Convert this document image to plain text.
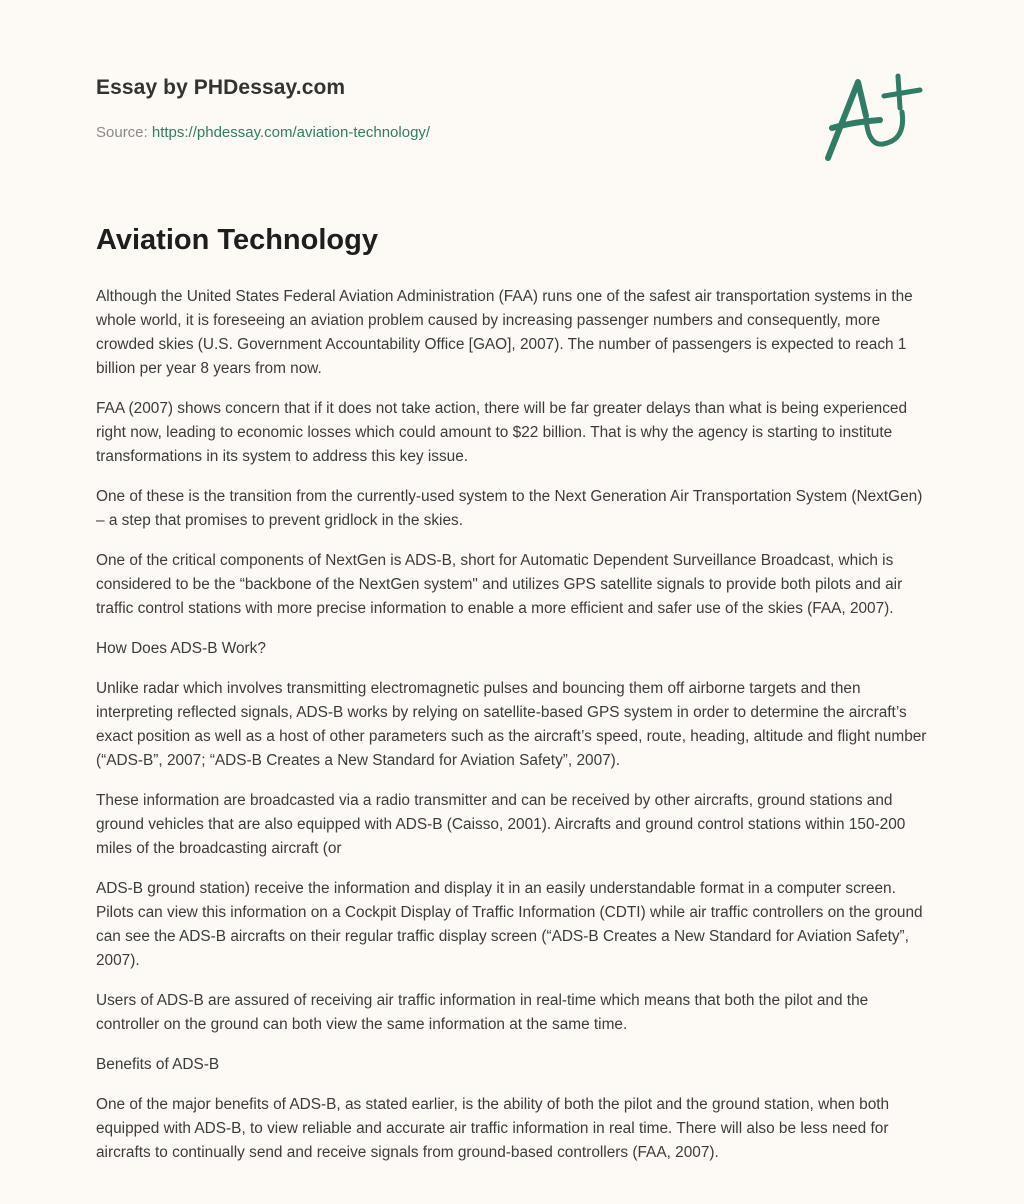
Essay by PHDessay.com
Source: https://phdessay.com/aviation-technology/
Aviation Technology

Although the United States Federal Aviation Administration (FAA) runs one of the safest air transportation systems in the whole world, it is foreseeing an aviation problem caused by increasing passenger numbers and consequently, more crowded skies (U.S. Government Accountability Office [GAO], 2007). The number of passengers is expected to reach 1 billion per year 8 years from now.

FAA (2007) shows concern that if it does not take action, there will be far greater delays than what is being experienced right now, leading to economic losses which could amount to $22 billion. That is why the agency is starting to institute transformations in its system to address this key issue.

One of these is the transition from the currently-used system to the Next Generation Air Transportation System (NextGen) – a step that promises to prevent gridlock in the skies.

One of the critical components of NextGen is ADS-B, short for Automatic Dependent Surveillance Broadcast, which is considered to be the “backbone of the NextGen system" and utilizes GPS satellite signals to provide both pilots and air traffic control stations with more precise information to enable a more efficient and safer use of the skies (FAA, 2007).

How Does ADS-B Work?

Unlike radar which involves transmitting electromagnetic pulses and bouncing them off airborne targets and then interpreting reflected signals, ADS-B works by relying on satellite-based GPS system in order to determine the aircraft’s exact position as well as a host of other parameters such as the aircraft’s speed, route, heading, altitude and flight number (“ADS-B”, 2007; “ADS-B Creates a New Standard for Aviation Safety”, 2007).

These information are broadcasted via a radio transmitter and can be received by other aircrafts, ground stations and ground vehicles that are also equipped with ADS-B (Caisso, 2001). Aircrafts and ground control stations within 150-200 miles of the broadcasting aircraft (or

ADS-B ground station) receive the information and display it in an easily understandable format in a computer screen. Pilots can view this information on a Cockpit Display of Traffic Information (CDTI) while air traffic controllers on the ground can see the ADS-B aircrafts on their regular traffic display screen (“ADS-B Creates a New Standard for Aviation Safety”, 2007).

Users of ADS-B are assured of receiving air traffic information in real-time which means that both the pilot and the controller on the ground can both view the same information at the same time.

Benefits of ADS-B

One of the major benefits of ADS-B, as stated earlier, is the ability of both the pilot and the ground station, when both equipped with ADS-B, to view reliable and accurate air traffic information in real time. There will also be less need for aircrafts to continually send and receive signals from ground-based controllers (FAA, 2007).
